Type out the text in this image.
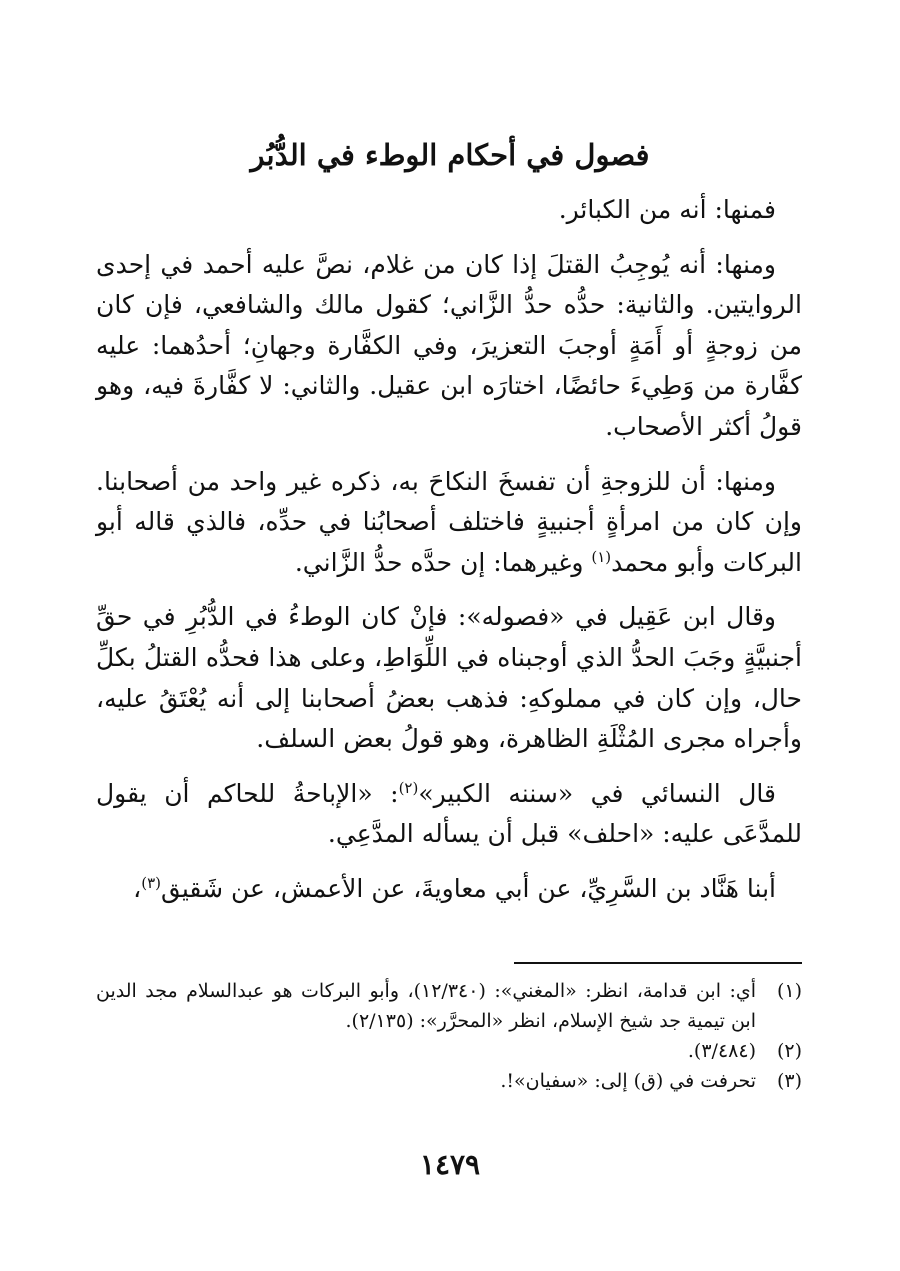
فصول في أحكام الوطء في الدُّبُر

فمنها: أنه من الكبائر.

ومنها: أنه يُوجِبُ القتلَ إذا كان من غلام، نصَّ عليه أحمد في إحدى الروايتين. والثانية: حدُّه حدُّ الزَّاني؛ كقول مالك والشافعي، فإن كان من زوجةٍ أو أَمَةٍ أوجبَ التعزيرَ، وفي الكفَّارة وجهانِ؛ أحدُهما: عليه كفَّارة من وَطِيءَ حائضًا، اختارَه ابن عقيل. والثاني: لا كفَّارةَ فيه، وهو قولُ أكثر الأصحاب.

ومنها: أن للزوجةِ أن تفسخَ النكاحَ به، ذكره غير واحد من أصحابنا. وإن كان من امرأةٍ أجنبيةٍ فاختلف أصحابُنا في حدِّه، فالذي قاله أبو البركات وأبو محمد$^{(١)}$ وغيرهما: إن حدَّه حدُّ الزَّاني.

وقال ابن عَقِيل في «فصوله»: فإنْ كان الوطءُ في الدُّبُرِ في حقِّ أجنبيَّةٍ وجَبَ الحدُّ الذي أوجبناه في اللِّوَاطِ، وعلى هذا فحدُّه القتلُ بكلِّ حال، وإن كان في مملوكهِ: فذهب بعضُ أصحابنا إلى أنه يُعْتَقُ عليه، وأجراه مجرى المُثْلَةِ الظاهرة، وهو قولُ بعض السلف.

قال النسائي في «سننه الكبير»$^{(٢)}$: «الإباحةُ للحاكم أن يقول للمدَّعَى عليه: «احلف» قبل أن يسأله المدَّعِي.

أبنا هَنَّاد بن السَّرِيِّ، عن أبي معاويةَ، عن الأعمش، عن شَقيق$^{(٣)}$،

(١)
أي: ابن قدامة، انظر: «المغني»: (١٢/٣٤٠)، وأبو البركات هو عبدالسلام مجد الدين ابن تيمية جد شيخ الإسلام، انظر «المحرَّر»: (٢/١٣٥).
(٢)
(٣/٤٨٤).
(٣)
تحرفت في (ق) إلى: «سفيان»!.
١٤٧٩
